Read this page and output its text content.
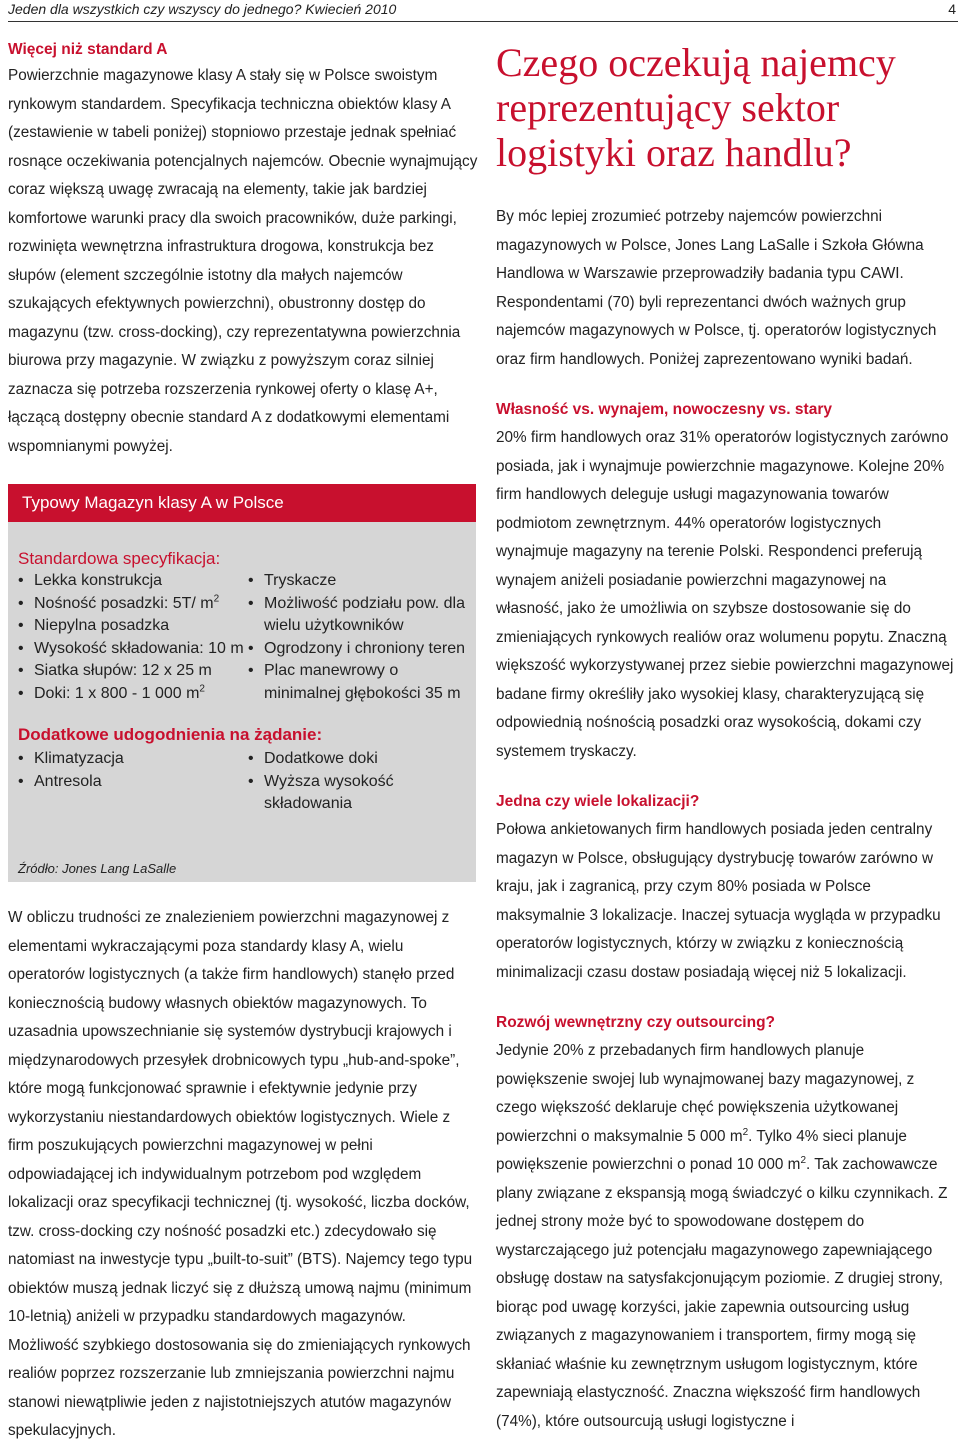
Jeden dla wszystkich czy wszyscy do jednego? Kwiecień 2010	4
Więcej niż standard A

Powierzchnie magazynowe klasy A stały się w Polsce swoistym rynkowym standardem. Specyfikacja techniczna obiektów klasy A (zestawienie w tabeli poniżej) stopniowo przestaje jednak spełniać rosnące oczekiwania potencjalnych najemców. Obecnie wynajmujący coraz większą uwagę zwracają na elementy, takie jak bardziej komfortowe warunki pracy dla swoich pracowników, duże parkingi, rozwinięta wewnętrzna infrastruktura drogowa, konstrukcja bez słupów (element szczególnie istotny dla małych najemców szukających efektywnych powierzchni), obustronny dostęp do magazynu (tzw. cross-docking), czy reprezentatywna powierzchnia biurowa przy magazynie. W związku z powyższym coraz silniej zaznacza się potrzeba rozszerzenia rynkowej oferty o klasę A+, łączącą dostępny obecnie standard A z dodatkowymi elementami wspomnianymi powyżej.

Typowy Magazyn klasy A w Polsce
Standardowa specyfikacja:
• Lekka konstrukcja
• Nośność posadzki: 5T/ $m^2$
• Niepylna posadzka
• Wysokość składowania: 10 m
• Siatka słupów: 12 x 25 m
• Doki: 1 x 800 - 1 000 $m^2$
• Tryskacze
• Możliwość podziału pow. dla wielu użytkowników
• Ogrodzony i chroniony teren
• Plac manewrowy o minimalnej głębokości 35 m
Dodatkowe udogodnienia na żądanie:
• Klimatyzacja
• Antresola
• Dodatkowe doki
• Wyższa wysokość składowania
Źródło: Jones Lang LaSalle

W obliczu trudności ze znalezieniem powierzchni magazynowej z elementami wykraczającymi poza standardy klasy A, wielu operatorów logistycznych (a także firm handlowych) stanęło przed koniecznością budowy własnych obiektów magazynowych. To uzasadnia upowszechnianie się systemów dystrybucji krajowych i międzynarodowych przesyłek drobnicowych typu „hub-and-spoke”, które mogą funkcjonować sprawnie i efektywnie jedynie przy wykorzystaniu niestandardowych obiektów logistycznych. Wiele z firm poszukujących powierzchni magazynowej w pełni odpowiadającej ich indywidualnym potrzebom pod względem lokalizacji oraz specyfikacji technicznej (tj. wysokość, liczba docków, tzw. cross-docking czy nośność posadzki etc.) zdecydowało się natomiast na inwestycje typu „built-to-suit” (BTS). Najemcy tego typu obiektów muszą jednak liczyć się z dłuższą umową najmu (minimum 10-letnią) aniżeli w przypadku standardowych magazynów. Możliwość szybkiego dostosowania się do zmieniających rynkowych realiów poprzez rozszerzanie lub zmniejszania powierzchni najmu stanowi niewątpliwie jeden z najistotniejszych atutów magazynów spekulacyjnych.

Czego oczekują najemcy reprezentujący sektor logistyki oraz handlu?

By móc lepiej zrozumieć potrzeby najemców powierzchni magazynowych w Polsce, Jones Lang LaSalle i Szkoła Główna Handlowa w Warszawie przeprowadziły badania typu CAWI. Respondentami (70) byli reprezentanci dwóch ważnych grup najemców magazynowych w Polsce, tj. operatorów logistycznych oraz firm handlowych. Poniżej zaprezentowano wyniki badań.

Własność vs. wynajem, nowoczesny vs. stary

20% firm handlowych oraz 31% operatorów logistycznych zarówno posiada, jak i wynajmuje powierzchnie magazynowe. Kolejne 20% firm handlowych deleguje usługi magazynowania towarów podmiotom zewnętrznym. 44% operatorów logistycznych wynajmuje magazyny na terenie Polski. Respondenci preferują wynajem aniżeli posiadanie powierzchni magazynowej na własność, jako że umożliwia on szybsze dostosowanie się do zmieniających rynkowych realiów oraz wolumenu popytu. Znaczną większość wykorzystywanej przez siebie powierzchni magazynowej badane firmy określiły jako wysokiej klasy, charakteryzującą się odpowiednią nośnością posadzki oraz wysokością, dokami czy systemem tryskaczy.

Jedna czy wiele lokalizacji?

Połowa ankietowanych firm handlowych posiada jeden centralny magazyn w Polsce, obsługujący dystrybucję towarów zarówno w kraju, jak i zagranicą, przy czym 80% posiada w Polsce maksymalnie 3 lokalizacje. Inaczej sytuacja wygląda w przypadku operatorów logistycznych, którzy w związku z koniecznością minimalizacji czasu dostaw posiadają więcej niż 5 lokalizacji.

Rozwój wewnętrzny czy outsourcing?

Jedynie 20% z przebadanych firm handlowych planuje powiększenie swojej lub wynajmowanej bazy magazynowej, z czego większość deklaruje chęć powiększenia użytkowanej powierzchni o maksymalnie 5 000 $m^2$. Tylko 4% sieci planuje powiększenie powierzchni o ponad 10 000 $m^2$. Tak zachowawcze plany związane z ekspansją mogą świadczyć o kilku czynnikach. Z jednej strony może być to spowodowane dostępem do wystarczającego już potencjału magazynowego zapewniającego obsługę dostaw na satysfakcjonującym poziomie. Z drugiej strony, biorąc pod uwagę korzyści, jakie zapewnia outsourcing usług związanych z magazynowaniem i transportem, firmy mogą się skłaniać właśnie ku zewnętrznym usługom logistycznym, które zapewniają elastyczność. Znaczna większość firm handlowych (74%), które outsourcują usługi logistyczne i
